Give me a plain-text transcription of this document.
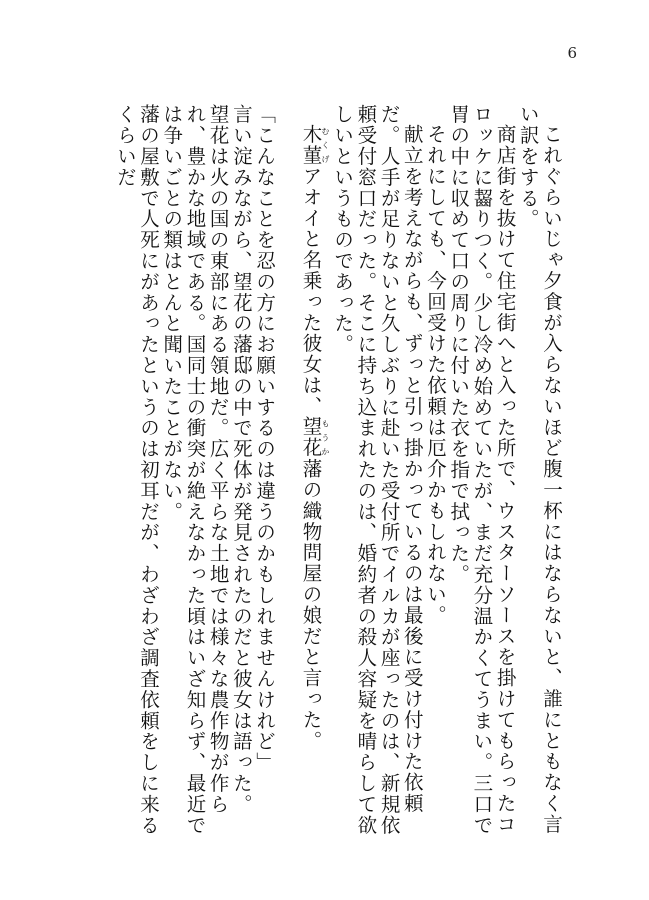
6

これぐらいじゃ夕食が入らないほど腹一杯にはならないと、誰にともなく言い訳をする。

商店街を抜けて住宅街へと入った所で、ウスターソースを掛けてもらったコロッケに齧りつく。少し冷め始めていたが、まだ充分温かくてうまい。三口で胃の中に収めて口の周りに付いた衣を指で拭った。

それにしても、今回受けた依頼は厄介かもしれない。

献立を考えながらも、ずっと引っ掛かっているのは最後に受け付けた依頼だ。人手が足りないと久しぶりに赴いた受付所でイルカが座ったのは、新規依頼受付窓口だった。そこに持ち込まれたのは、婚約者の殺人容疑を晴らして欲しいというものであった。

木菫むくげアオイと名乗った彼女は、望花もうか藩の織物問屋の娘だと言った。

「こんなことを忍の方にお願いするのは違うのかもしれませんけれど」

言い淀みながら、望花の藩邸の中で死体が発見されたのだと彼女は語った。

望花は火の国の東部にある領地だ。広く平らな土地では様々な農作物が作られ、豊かな地域である。国同士の衝突が絶えなかった頃はいざ知らず、最近では争いごとの類はとんと聞いたことがない。

藩の屋敷で人死にがあったというのは初耳だが、わざわざ調査依頼をしに来るくらいだ
